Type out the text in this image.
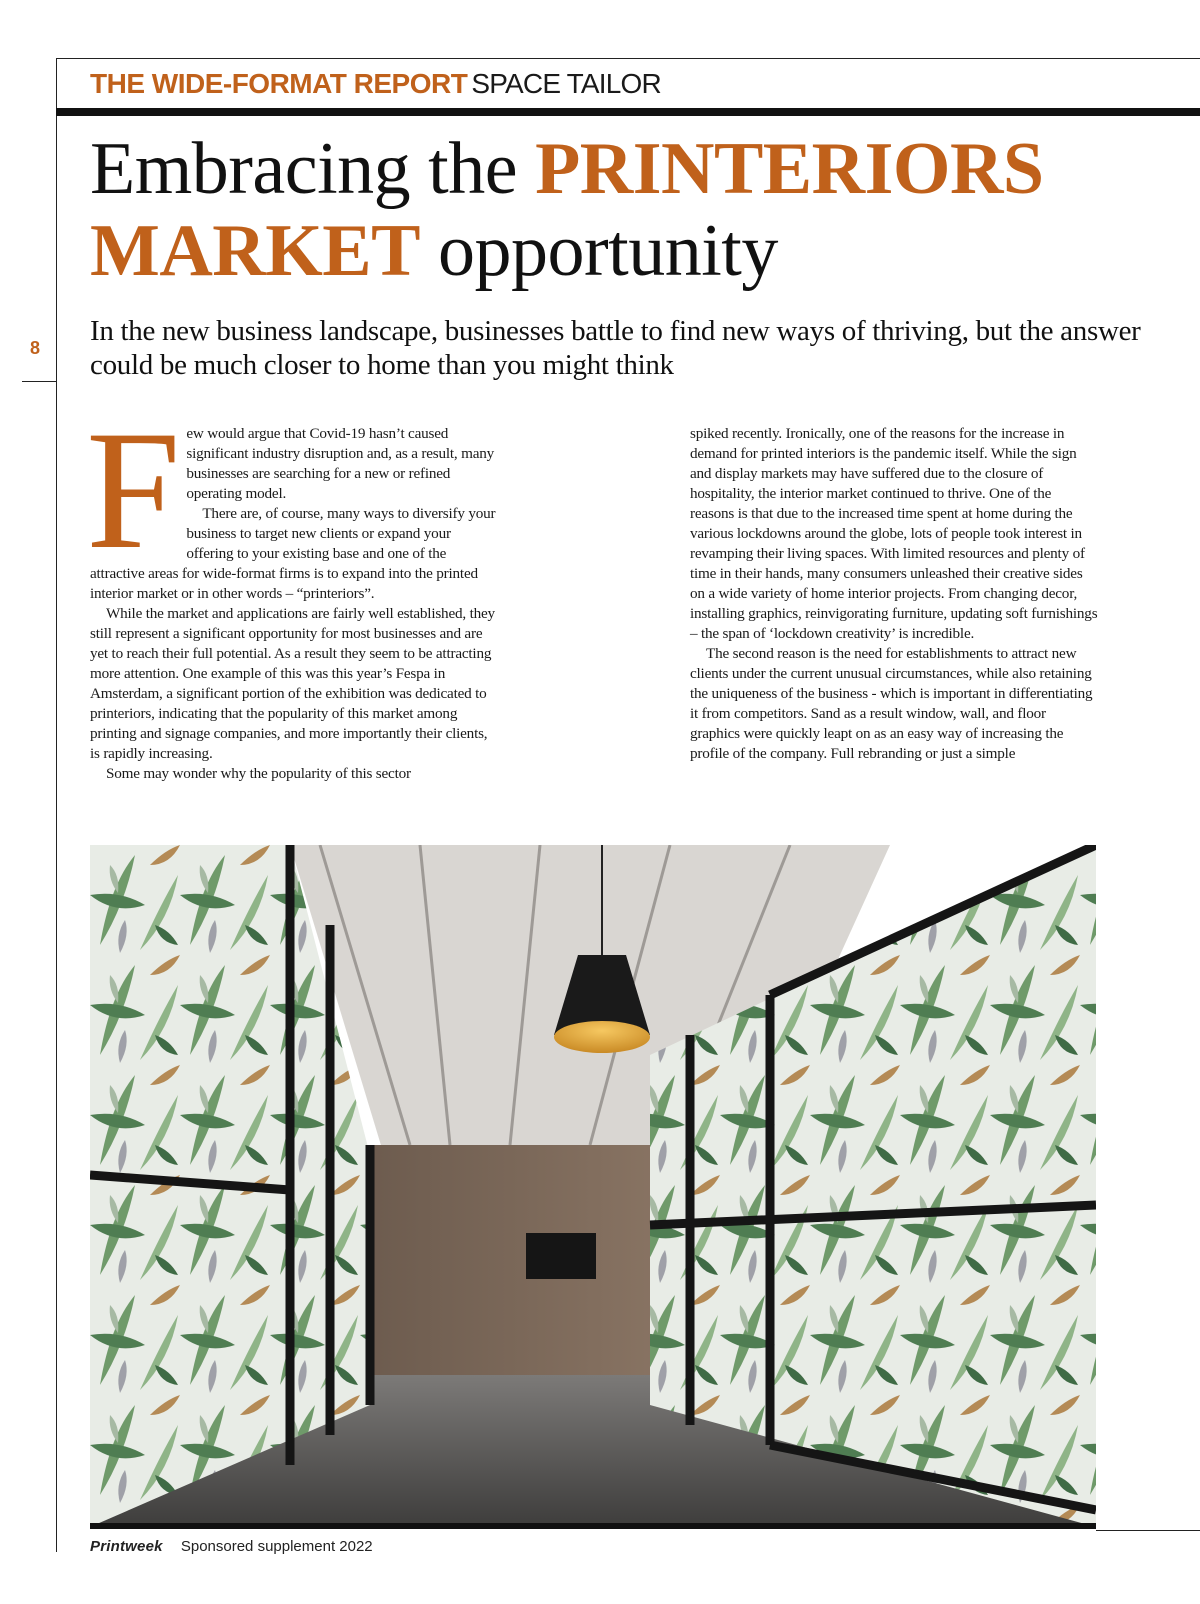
THE WIDE-FORMAT REPORT SPACE TAILOR
Embracing the PRINTERIORS
MARKET opportunity

In the new business landscape, businesses battle to find new ways of thriving, but the answer could be much closer to home than you might think

8
F ew would argue that Covid-19 hasn’t caused significant industry disruption and, as a result, many businesses are searching for a new or refined operating model.

There are, of course, many ways to diversify your business to target new clients or expand your offering to your existing base and one of the attractive areas for wide-format firms is to expand into the printed interior market or in other words – “printeriors”.

While the market and applications are fairly well established, they still represent a significant opportunity for most businesses and are yet to reach their full potential. As a result they seem to be attracting more attention. One example of this was this year’s Fespa in Amsterdam, a significant portion of the exhibition was dedicated to printeriors, indicating that the popularity of this market among printing and signage companies, and more importantly their clients, is rapidly increasing.

Some may wonder why the popularity of this sector

spiked recently. Ironically, one of the reasons for the increase in demand for printed interiors is the pandemic itself. While the sign and display markets may have suffered due to the closure of hospitality, the interior market continued to thrive. One of the reasons is that due to the increased time spent at home during the various lockdowns around the globe, lots of people took interest in revamping their living spaces. With limited resources and plenty of time in their hands, many consumers unleashed their creative sides on a wide variety of home interior projects. From changing decor, installing graphics, reinvigorating furniture, updating soft furnishings – the span of ‘lockdown creativity’ is incredible.

The second reason is the need for establishments to attract new clients under the current unusual circumstances, while also retaining the uniqueness of the business - which is important in differentiating it from competitors. Sand as a result window, wall, and floor graphics were quickly leapt on as an easy way of increasing the profile of the company. Full rebranding or just a simple

Printweek Sponsored supplement 2022
